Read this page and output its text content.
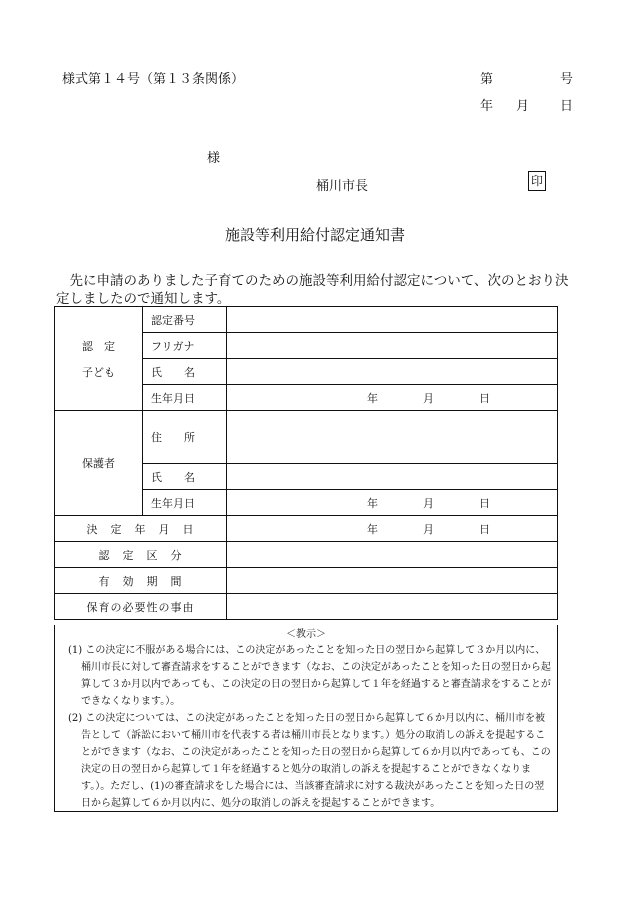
様式第１４号（第１３条関係）	第	号
年 月 日
様
桶川市長	印
施設等利用給付認定通知書
先に申請のありました子育てのための施設等利用給付認定について、次のとおり決定しましたので通知します。
認　定
子ども	認定番号	
	フリガナ	
	氏　　名	
	生年月日	年 月 日

保護者	住　　所	
	氏　　名	
	生年月日	年 月 日

決　定　年　月　日		年 月 日

認　定　区　分		
有　効　期　間		
保育の必要性の事由		
＜教示＞
(1) この決定に不服がある場合には、この決定があったことを知った日の翌日から起算して３か月以内に、桶川市長に対して審査請求をすることができます（なお、この決定があったことを知った日の翌日から起算して３か月以内であっても、この決定の日の翌日から起算して１年を経過すると審査請求をすることができなくなります。）。
(2) この決定については、この決定があったことを知った日の翌日から起算して６か月以内に、桶川市を被告として（訴訟において桶川市を代表する者は桶川市長となります。）処分の取消しの訴えを提起することができます（なお、この決定があったことを知った日の翌日から起算して６か月以内であっても、この決定の日の翌日から起算して１年を経過すると処分の取消しの訴えを提起することができなくなります。）。ただし、(1)の審査請求をした場合には、当該審査請求に対する裁決があったことを知った日の翌日から起算して６か月以内に、処分の取消しの訴えを提起することができます。
